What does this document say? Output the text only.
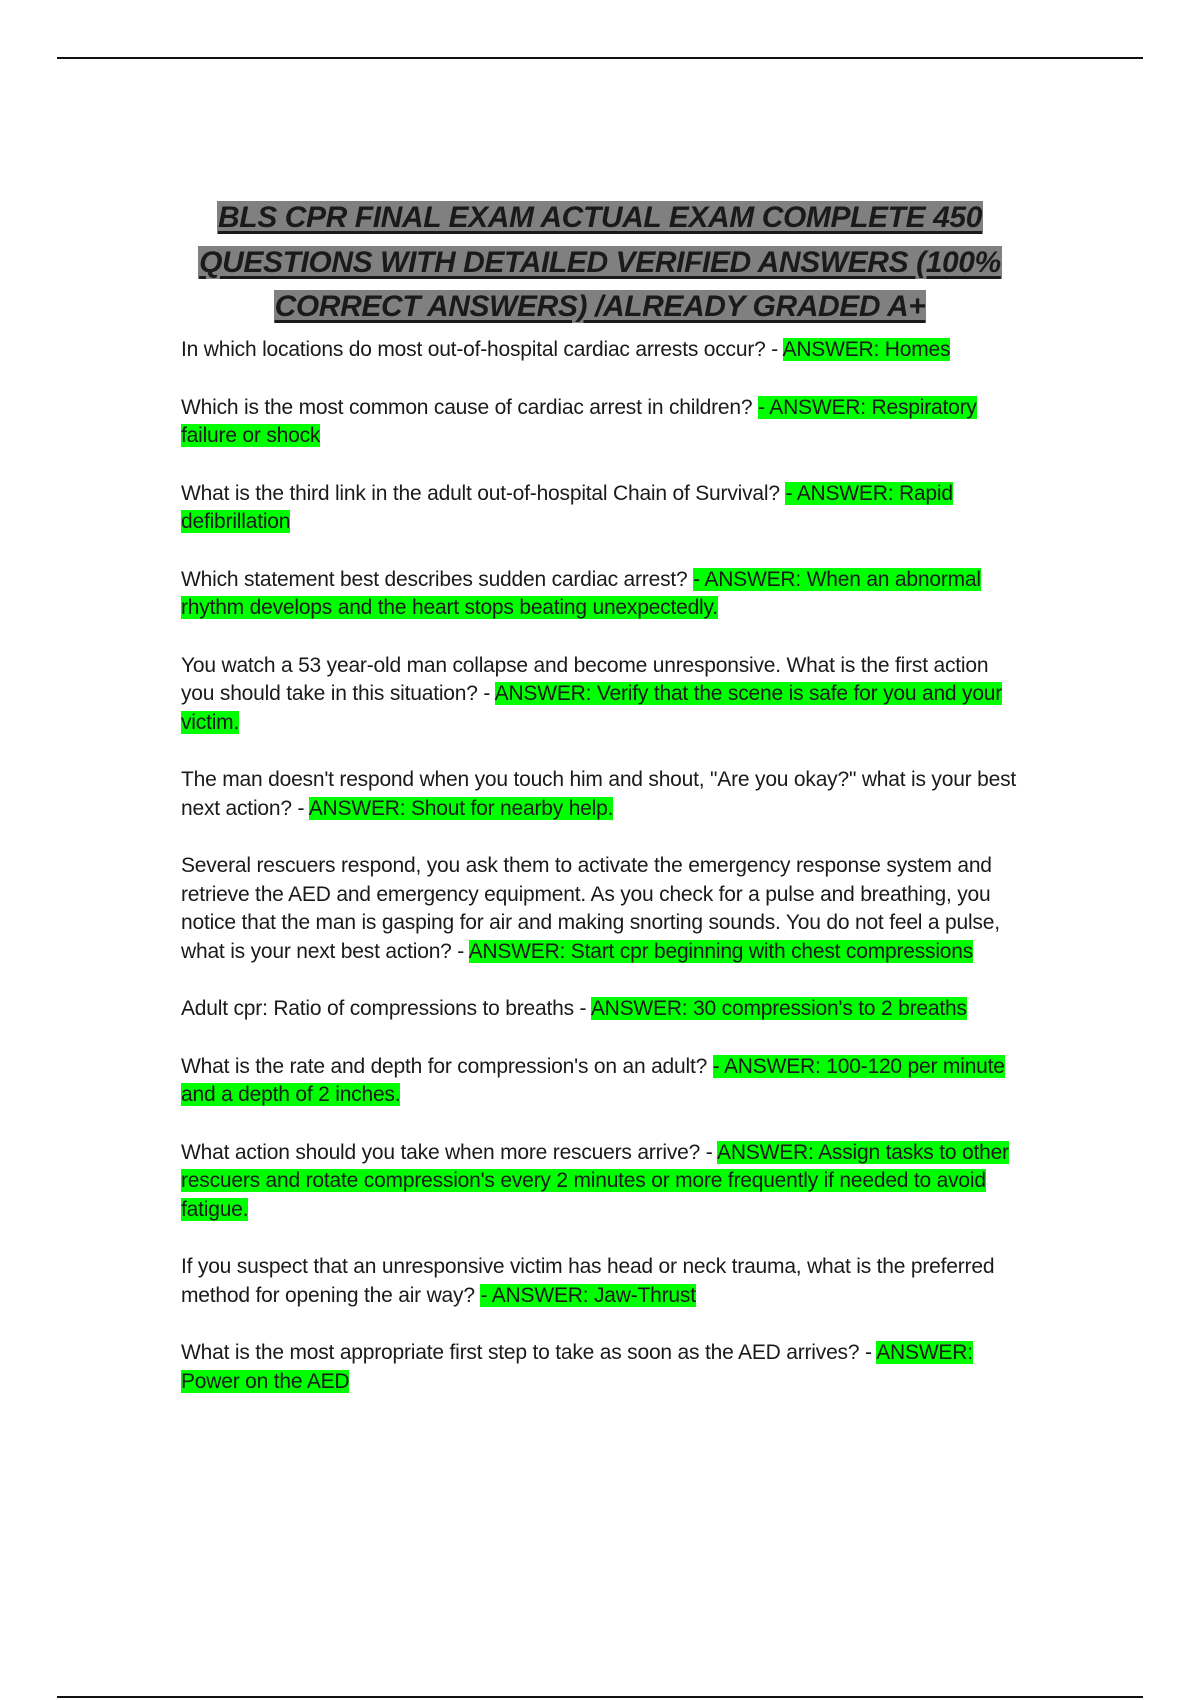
BLS CPR FINAL EXAM ACTUAL EXAM COMPLETE 450
QUESTIONS WITH DETAILED VERIFIED ANSWERS (100%
CORRECT ANSWERS) /ALREADY GRADED A+

In which locations do most out-of-hospital cardiac arrests occur? - ANSWER: Homes

Which is the most common cause of cardiac arrest in children? - ANSWER: Respiratory failure or shock

What is the third link in the adult out-of-hospital Chain of Survival? - ANSWER: Rapid defibrillation

Which statement best describes sudden cardiac arrest? - ANSWER: When an abnormal rhythm develops and the heart stops beating unexpectedly.

You watch a 53 year-old man collapse and become unresponsive. What is the first action you should take in this situation? - ANSWER: Verify that the scene is safe for you and your victim.

The man doesn't respond when you touch him and shout, "Are you okay?" what is your best next action? - ANSWER: Shout for nearby help.

Several rescuers respond, you ask them to activate the emergency response system and retrieve the AED and emergency equipment. As you check for a pulse and breathing, you notice that the man is gasping for air and making snorting sounds. You do not feel a pulse, what is your next best action? - ANSWER: Start cpr beginning with chest compressions

Adult cpr: Ratio of compressions to breaths - ANSWER: 30 compression's to 2 breaths

What is the rate and depth for compression's on an adult? - ANSWER: 100-120 per minute and a depth of 2 inches.

What action should you take when more rescuers arrive? - ANSWER: Assign tasks to other rescuers and rotate compression's every 2 minutes or more frequently if needed to avoid fatigue.

If you suspect that an unresponsive victim has head or neck trauma, what is the preferred method for opening the air way? - ANSWER: Jaw-Thrust

What is the most appropriate first step to take as soon as the AED arrives? - ANSWER: Power on the AED
